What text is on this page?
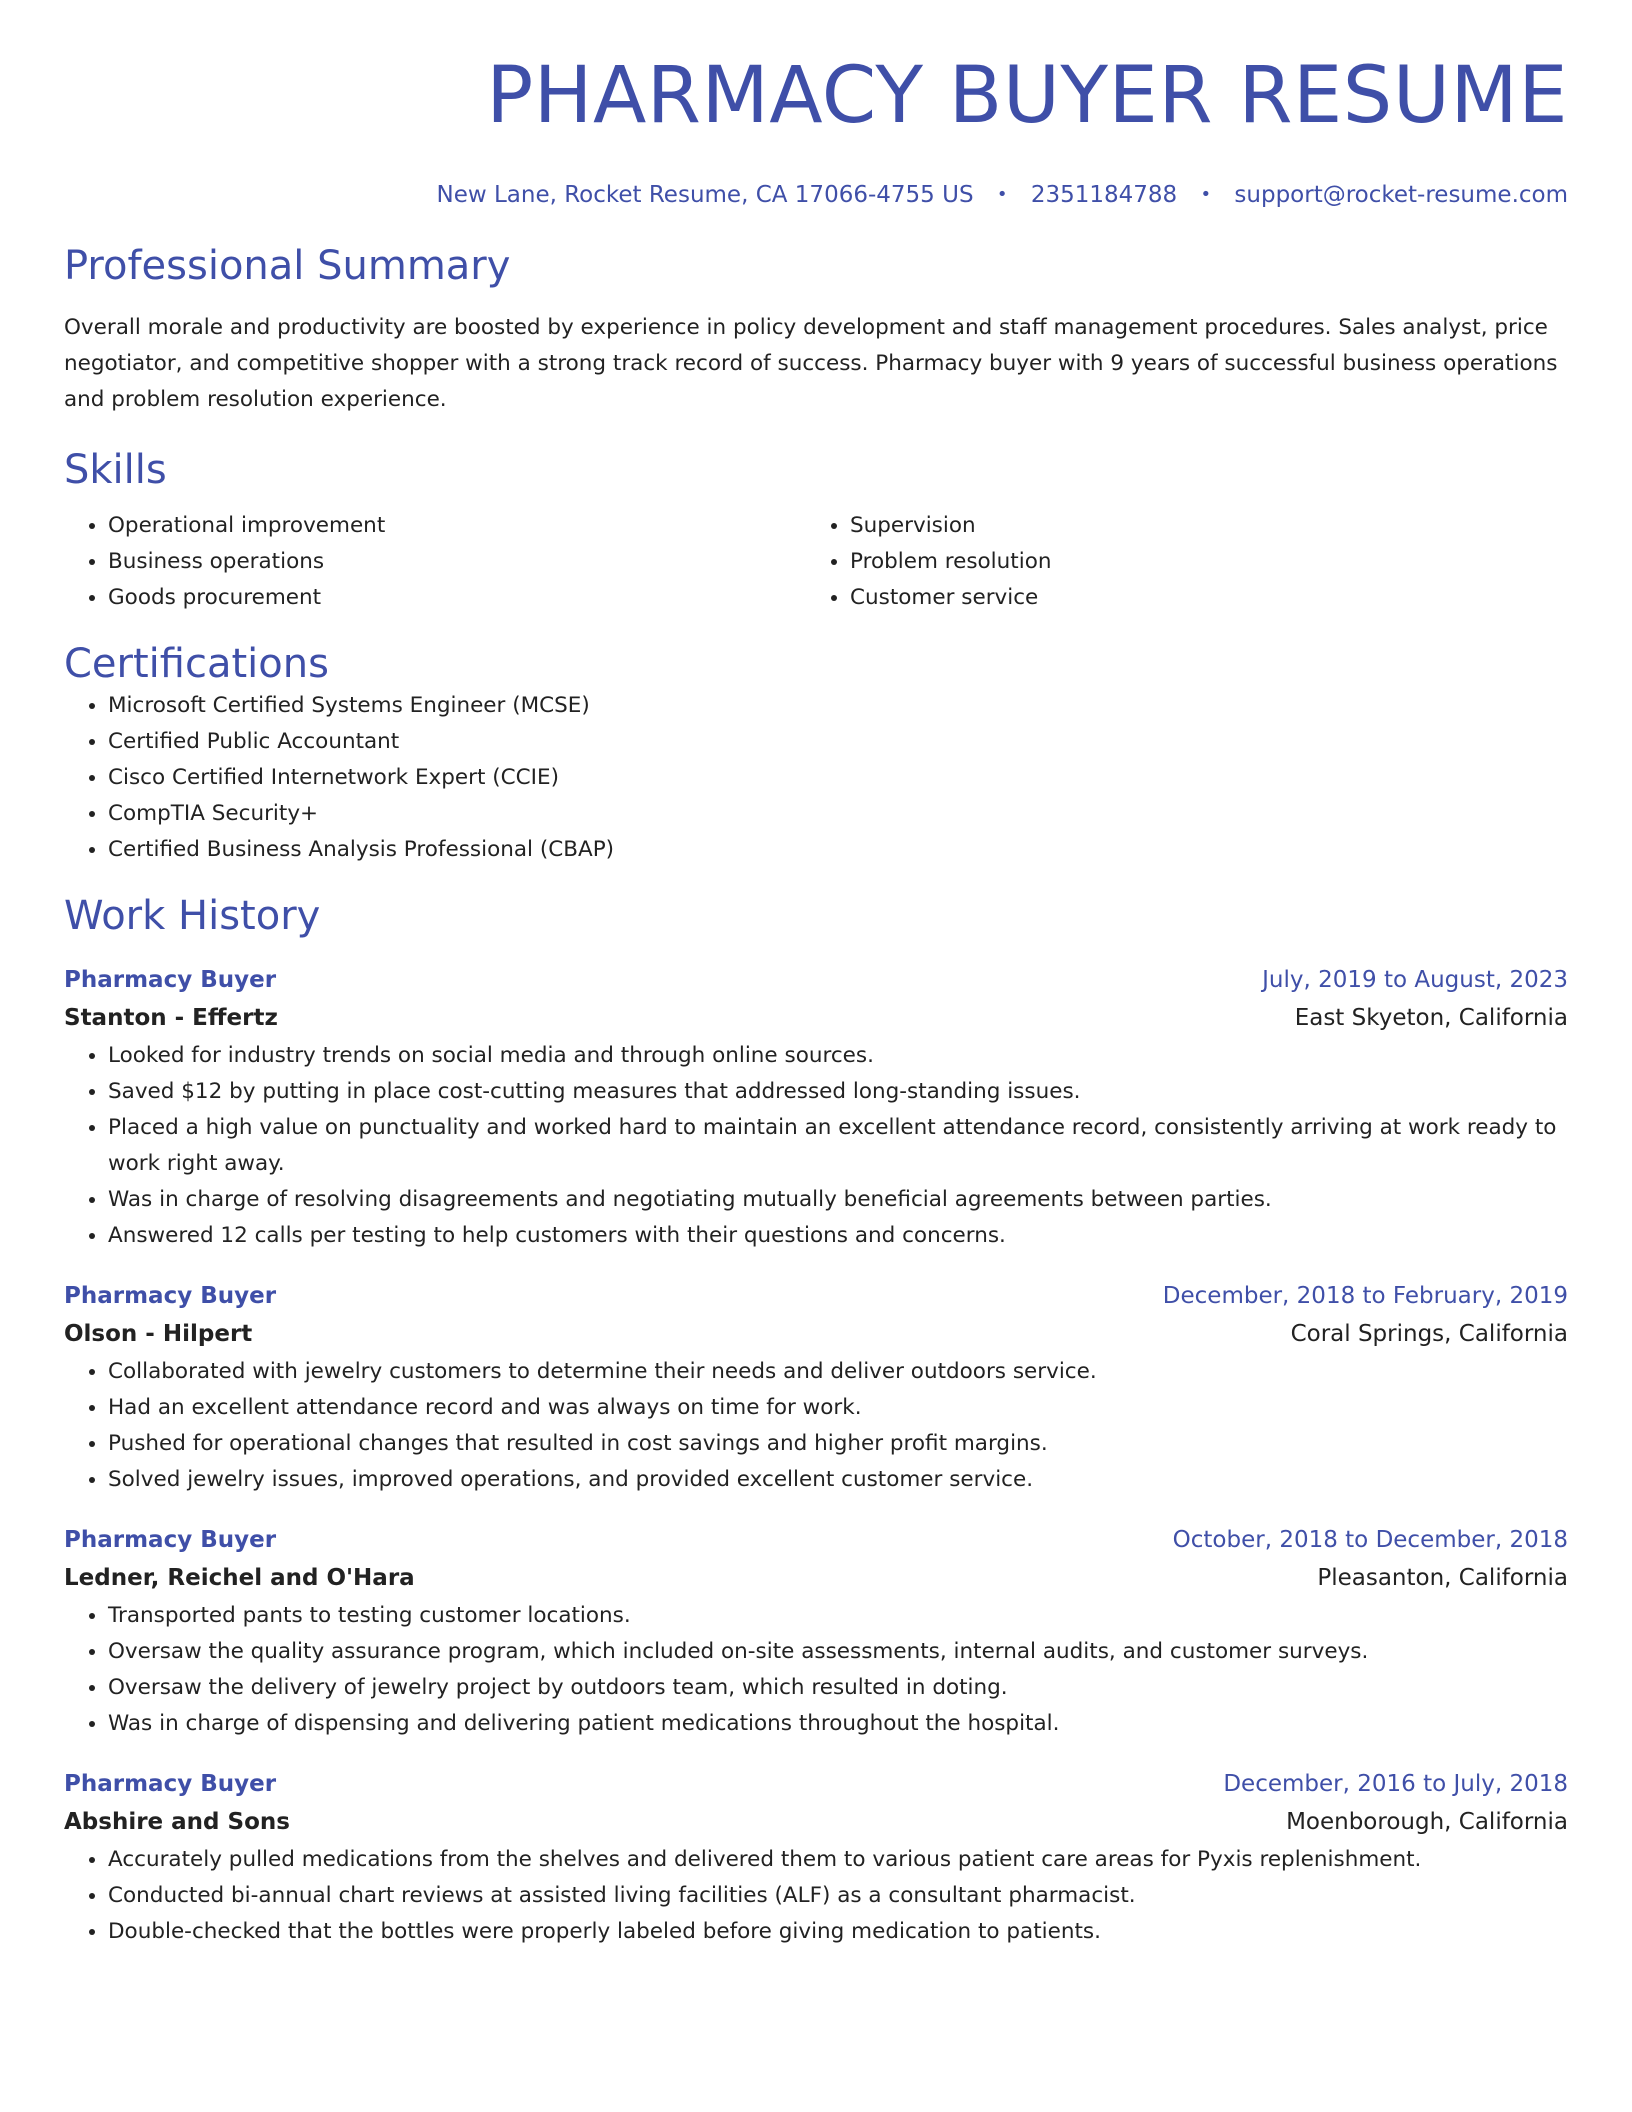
PHARMACY BUYER RESUME
New Lane, Rocket Resume, CA 17066-4755 US • 2351184788 • support@rocket-resume.com
Professional Summary
Overall morale and productivity are boosted by experience in policy development and staff management procedures. Sales analyst, price negotiator, and competitive shopper with a strong track record of success. Pharmacy buyer with 9 years of successful business operations and problem resolution experience.
Skills
• Operational improvement
• Business operations
• Goods procurement
• Supervision
• Problem resolution
• Customer service
Certifications
• Microsoft Certified Systems Engineer (MCSE)
• Certified Public Accountant
• Cisco Certified Internetwork Expert (CCIE)
• CompTIA Security+
• Certified Business Analysis Professional (CBAP)
Work History
Pharmacy Buyer	July, 2019 to August, 2023
Stanton - Effertz	East Skyeton, California
• Looked for industry trends on social media and through online sources.
• Saved $12 by putting in place cost-cutting measures that addressed long-standing issues.
• Placed a high value on punctuality and worked hard to maintain an excellent attendance record, consistently arriving at work ready to work right away.
• Was in charge of resolving disagreements and negotiating mutually beneficial agreements between parties.
• Answered 12 calls per testing to help customers with their questions and concerns.
Pharmacy Buyer	December, 2018 to February, 2019
Olson - Hilpert	Coral Springs, California
• Collaborated with jewelry customers to determine their needs and deliver outdoors service.
• Had an excellent attendance record and was always on time for work.
• Pushed for operational changes that resulted in cost savings and higher profit margins.
• Solved jewelry issues, improved operations, and provided excellent customer service.
Pharmacy Buyer	October, 2018 to December, 2018
Ledner, Reichel and O'Hara	Pleasanton, California
• Transported pants to testing customer locations.
• Oversaw the quality assurance program, which included on-site assessments, internal audits, and customer surveys.
• Oversaw the delivery of jewelry project by outdoors team, which resulted in doting.
• Was in charge of dispensing and delivering patient medications throughout the hospital.
Pharmacy Buyer	December, 2016 to July, 2018
Abshire and Sons	Moenborough, California
• Accurately pulled medications from the shelves and delivered them to various patient care areas for Pyxis replenishment.
• Conducted bi-annual chart reviews at assisted living facilities (ALF) as a consultant pharmacist.
• Double-checked that the bottles were properly labeled before giving medication to patients.
